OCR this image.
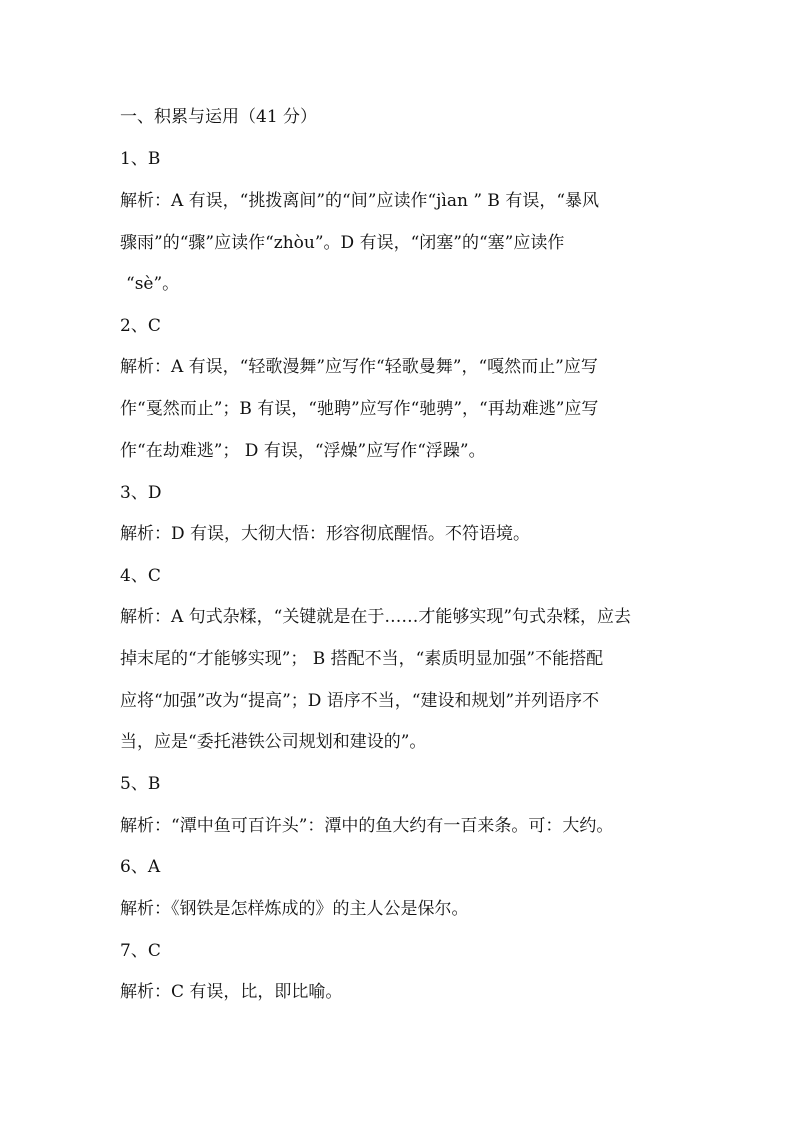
一、积累与运用（41 分）
1、B
解析：A 有误，“挑拨离间”的“间”应读作“jìan ” B 有误，“暴风
骤雨”的“骤”应读作“zhòu”。D 有误，“闭塞”的“塞”应读作
“sè”。
2、C
解析：A 有误，“轻歌漫舞”应写作“轻歌曼舞”，“嘎然而止”应写
作“戛然而止”；B 有误，“驰聘”应写作“驰骋”，“再劫难逃”应写
作“在劫难逃”； D 有误，“浮燥”应写作“浮躁”。
3、D
解析：D 有误，大彻大悟：形容彻底醒悟。不符语境。
4、C
解析：A 句式杂糅，“关键就是在于……才能够实现”句式杂糅，应去
掉末尾的“才能够实现”； B 搭配不当，“素质明显加强”不能搭配
应将“加强”改为“提高”；D 语序不当，“建设和规划”并列语序不
当，应是“委托港铁公司规划和建设的”。
5、B
解析：“潭中鱼可百许头”：潭中的鱼大约有一百来条。可：大约。
6、A
解析：《钢铁是怎样炼成的》的主人公是保尔。
7、C
解析：C 有误，比，即比喻。
